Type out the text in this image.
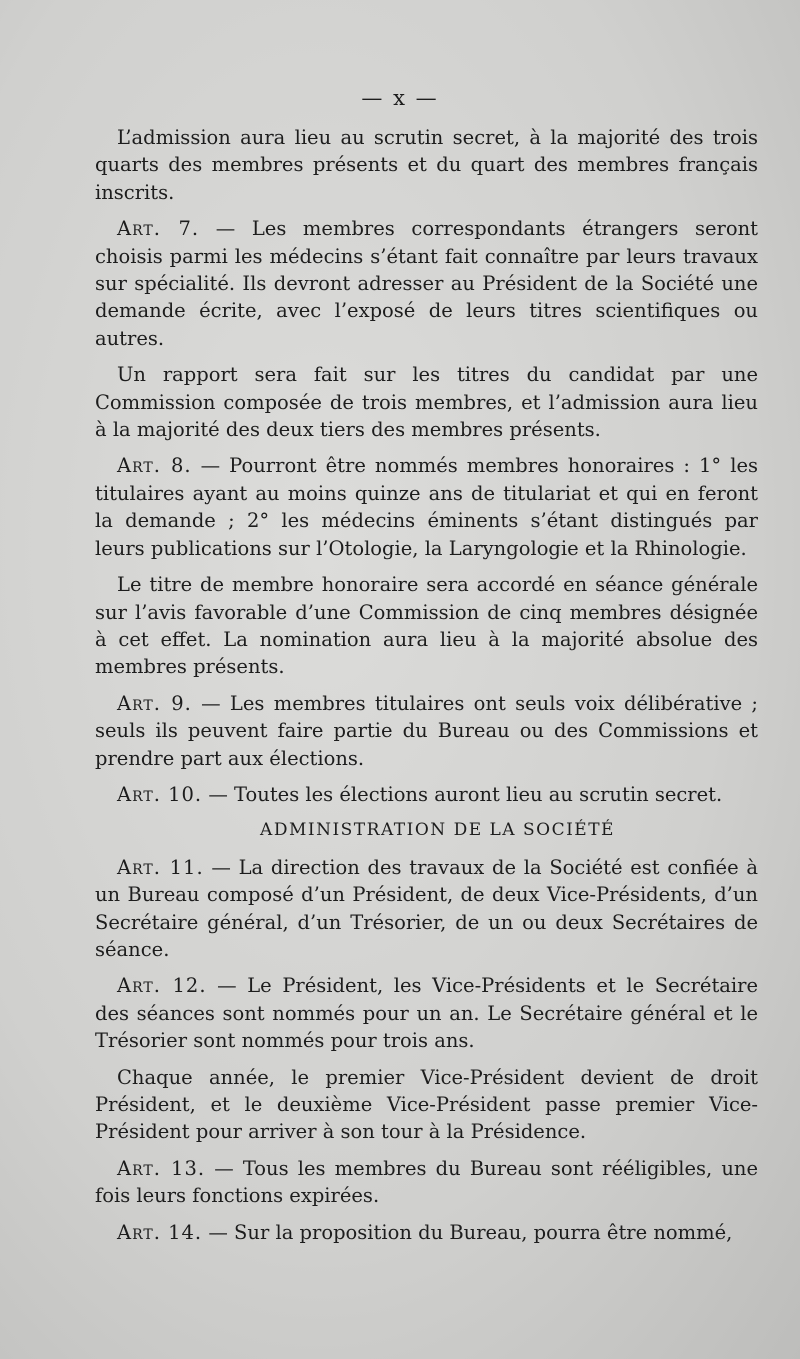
— x —

L’admission aura lieu au scrutin secret, à la majorité des trois quarts des membres présents et du quart des membres français inscrits.

Art. 7. — Les membres correspondants étrangers seront choisis parmi les médecins s’étant fait connaître par leurs travaux sur spécialité. Ils devront adresser au Président de la Société une demande écrite, avec l’exposé de leurs titres scientifiques ou autres.

Un rapport sera fait sur les titres du candidat par une Commission composée de trois membres, et l’admission aura lieu à la majorité des deux tiers des membres présents.

Art. 8. — Pourront être nommés membres honoraires : 1° les titulaires ayant au moins quinze ans de titulariat et qui en feront la demande ; 2° les médecins éminents s’étant distingués par leurs publications sur l’Otologie, la Laryngologie et la Rhinologie.

Le titre de membre honoraire sera accordé en séance générale sur l’avis favorable d’une Commission de cinq membres désignée à cet effet. La nomination aura lieu à la majorité absolue des membres présents.

Art. 9. — Les membres titulaires ont seuls voix délibérative ; seuls ils peuvent faire partie du Bureau ou des Commissions et prendre part aux élections.

Art. 10. — Toutes les élections auront lieu au scrutin secret.

ADMINISTRATION DE LA SOCIÉTÉ

Art. 11. — La direction des travaux de la Société est confiée à un Bureau composé d’un Président, de deux Vice-Présidents, d’un Secrétaire général, d’un Trésorier, de un ou deux Secrétaires de séance.

Art. 12. — Le Président, les Vice-Présidents et le Secrétaire des séances sont nommés pour un an. Le Secrétaire général et le Trésorier sont nommés pour trois ans.

Chaque année, le premier Vice-Président devient de droit Président, et le deuxième Vice-Président passe premier Vice-Président pour arriver à son tour à la Présidence.

Art. 13. — Tous les membres du Bureau sont rééligibles, une fois leurs fonctions expirées.

Art. 14. — Sur la proposition du Bureau, pourra être nommé,
